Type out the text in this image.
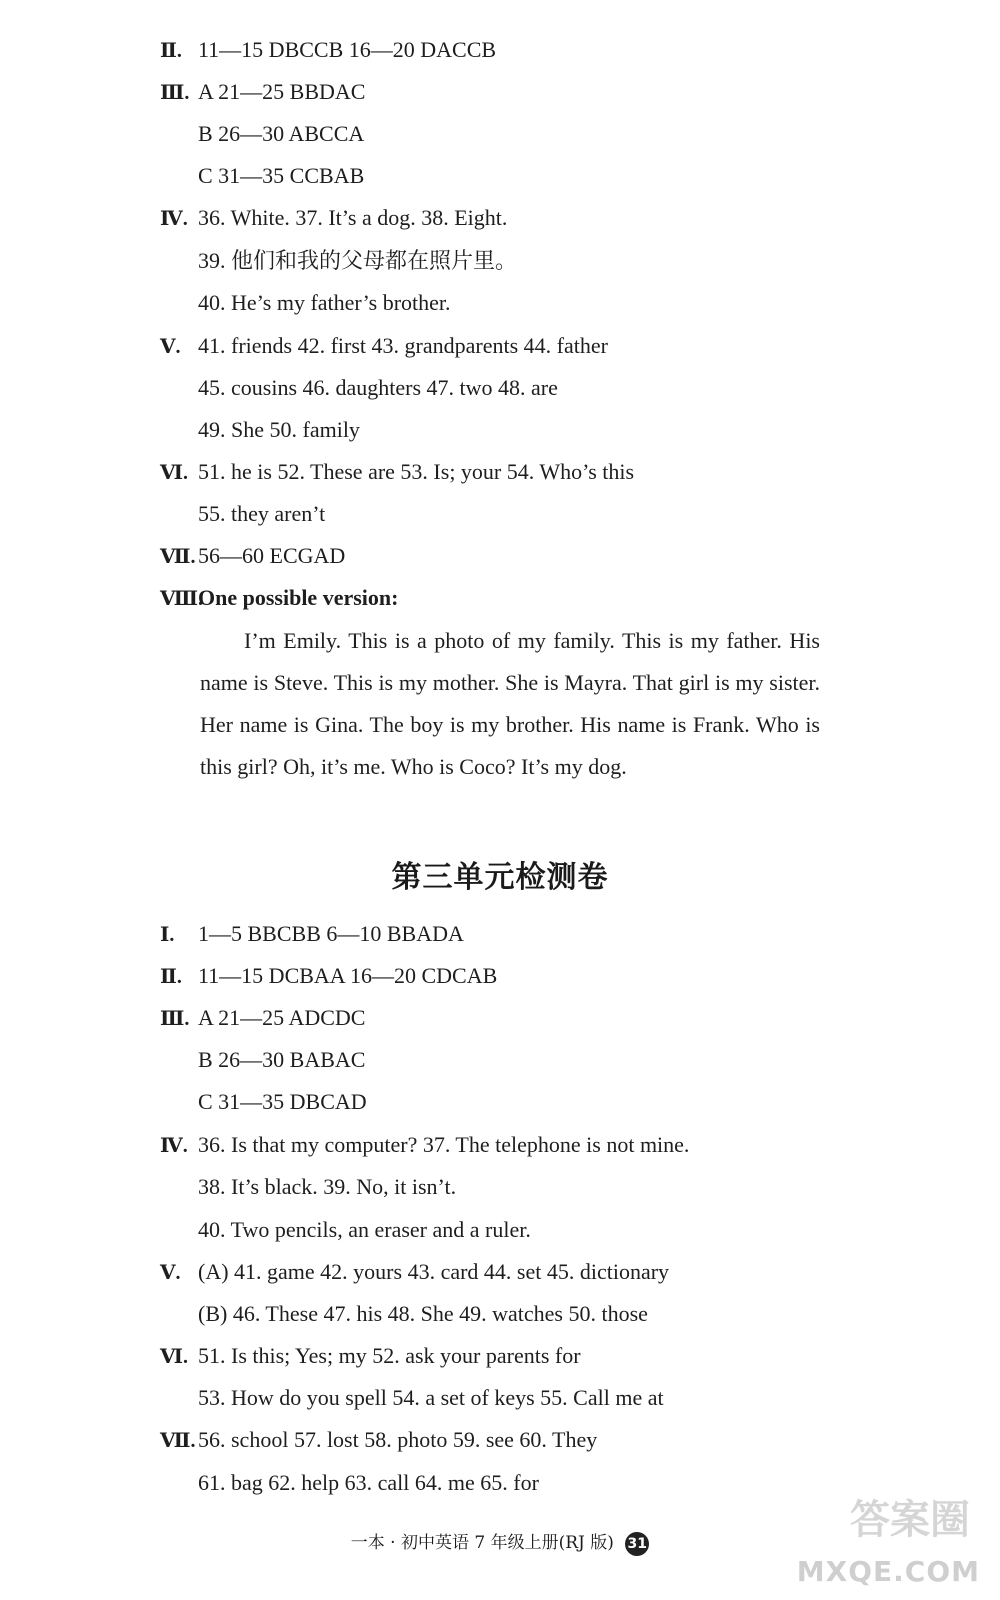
Ⅱ. 11—15 DBCCB 16—20 DACCB
Ⅲ. A 21—25 BBDAC
B 26—30 ABCCA
C 31—35 CCBAB
Ⅳ. 36. White. 37. It’s a dog. 38. Eight.
39. 他们和我的父母都在照片里。
40. He’s my father’s brother.
Ⅴ. 41. friends 42. first 43. grandparents 44. father
45. cousins 46. daughters 47. two 48. are
49. She 50. family
Ⅵ. 51. he is 52. These are 53. Is; your 54. Who’s this
55. they aren’t
Ⅶ. 56—60 ECGAD
Ⅷ.One possible version:
I’m Emily. This is a photo of my family. This is my father. His name is Steve. This is my mother. She is Mayra. That girl is my sister. Her name is Gina. The boy is my brother. His name is Frank. Who is this girl? Oh, it’s me. Who is Coco? It’s my dog.
第三单元检测卷
Ⅰ. 1—5 BBCBB 6—10 BBADA
Ⅱ. 11—15 DCBAA 16—20 CDCAB
Ⅲ. A 21—25 ADCDC
B 26—30 BABAC
C 31—35 DBCAD
Ⅳ. 36. Is that my computer? 37. The telephone is not mine.
38. It’s black. 39. No, it isn’t.
40. Two pencils, an eraser and a ruler.
Ⅴ. (A) 41. game 42. yours 43. card 44. set 45. dictionary
(B) 46. These 47. his 48. She 49. watches 50. those
Ⅵ. 51. Is this; Yes; my 52. ask your parents for
53. How do you spell 54. a set of keys 55. Call me at
Ⅶ. 56. school 57. lost 58. photo 59. see 60. They
61. bag 62. help 63. call 64. me 65. for
一本 · 初中英语 7 年级上册(RJ 版) 31
答案圈
MXQE.COM
